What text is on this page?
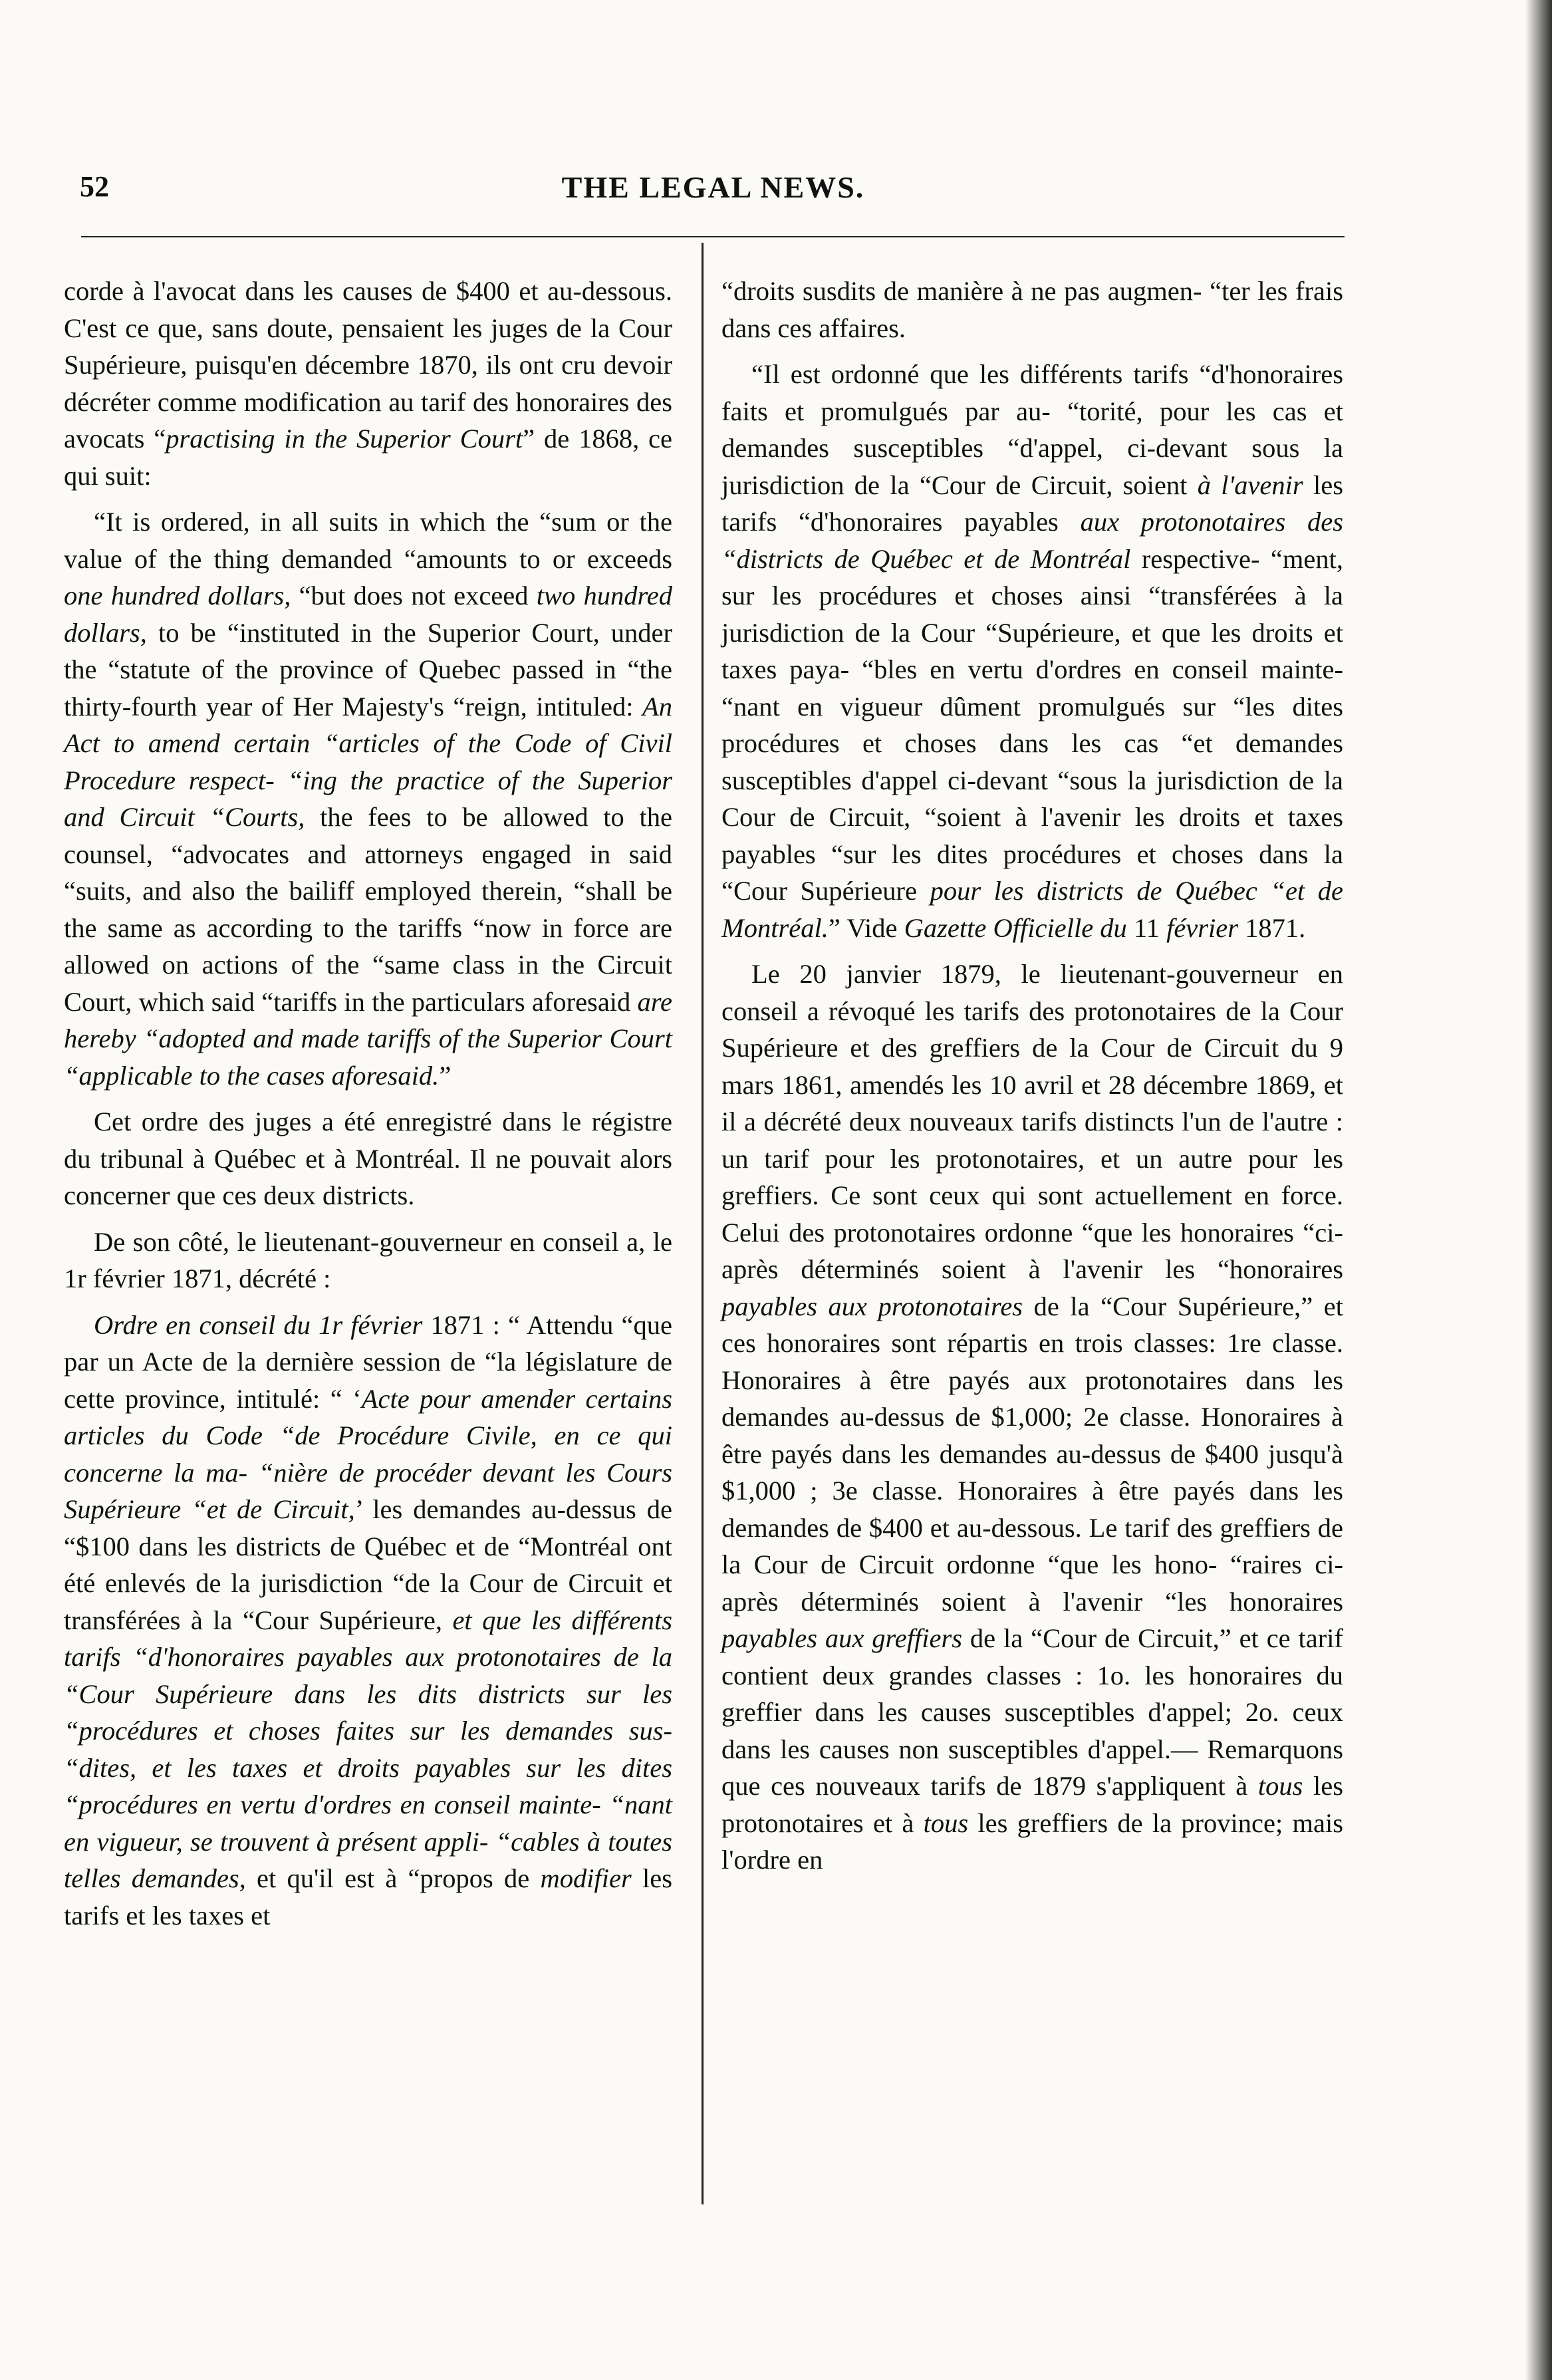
52	THE LEGAL NEWS.

corde à l'avocat dans les causes de $400 et au-dessous. C'est ce que, sans doute, pensaient les juges de la Cour Supérieure, puisqu'en décembre 1870, ils ont cru devoir décréter comme modification au tarif des honoraires des avocats “practising in the Superior Court” de 1868, ce qui suit:

“It is ordered, in all suits in which the “sum or the value of the thing demanded “amounts to or exceeds one hundred dollars, “but does not exceed two hundred dollars, to be “instituted in the Superior Court, under the “statute of the province of Quebec passed in “the thirty-fourth year of Her Majesty's “reign, intituled: An Act to amend certain “articles of the Code of Civil Procedure respect- “ing the practice of the Superior and Circuit “Courts, the fees to be allowed to the counsel, “advocates and attorneys engaged in said “suits, and also the bailiff employed therein, “shall be the same as according to the tariffs “now in force are allowed on actions of the “same class in the Circuit Court, which said “tariffs in the particulars aforesaid are hereby “adopted and made tariffs of the Superior Court “applicable to the cases aforesaid.”

Cet ordre des juges a été enregistré dans le régistre du tribunal à Québec et à Montréal. Il ne pouvait alors concerner que ces deux districts.

De son côté, le lieutenant-gouverneur en conseil a, le 1r février 1871, décrété :

Ordre en conseil du 1r février 1871 : “ Attendu “que par un Acte de la dernière session de “la législature de cette province, intitulé: “ ‘Acte pour amender certains articles du Code “de Procédure Civile, en ce qui concerne la ma- “nière de procéder devant les Cours Supérieure “et de Circuit,’ les demandes au-dessus de “$100 dans les districts de Québec et de “Montréal ont été enlevés de la jurisdiction “de la Cour de Circuit et transférées à la “Cour Supérieure, et que les différents tarifs “d'honoraires payables aux protonotaires de la “Cour Supérieure dans les dits districts sur les “procédures et choses faites sur les demandes sus- “dites, et les taxes et droits payables sur les dites “procédures en vertu d'ordres en conseil mainte- “nant en vigueur, se trouvent à présent appli- “cables à toutes telles demandes, et qu'il est à “propos de modifier les tarifs et les taxes et

“droits susdits de manière à ne pas augmen- “ter les frais dans ces affaires.

“Il est ordonné que les différents tarifs “d'honoraires faits et promulgués par au- “torité, pour les cas et demandes susceptibles “d'appel, ci-devant sous la jurisdiction de la “Cour de Circuit, soient à l'avenir les tarifs “d'honoraires payables aux protonotaires des “districts de Québec et de Montréal respective- “ment, sur les procédures et choses ainsi “transférées à la jurisdiction de la Cour “Supérieure, et que les droits et taxes paya- “bles en vertu d'ordres en conseil mainte- “nant en vigueur dûment promulgués sur “les dites procédures et choses dans les cas “et demandes susceptibles d'appel ci-devant “sous la jurisdiction de la Cour de Circuit, “soient à l'avenir les droits et taxes payables “sur les dites procédures et choses dans la “Cour Supérieure pour les districts de Québec “et de Montréal.” Vide Gazette Officielle du 11 février 1871.

Le 20 janvier 1879, le lieutenant-gouverneur en conseil a révoqué les tarifs des protonotaires de la Cour Supérieure et des greffiers de la Cour de Circuit du 9 mars 1861, amendés les 10 avril et 28 décembre 1869, et il a décrété deux nouveaux tarifs distincts l'un de l'autre : un tarif pour les protonotaires, et un autre pour les greffiers. Ce sont ceux qui sont actuellement en force. Celui des protonotaires ordonne “que les honoraires “ci-après déterminés soient à l'avenir les “honoraires payables aux protonotaires de la “Cour Supérieure,” et ces honoraires sont répartis en trois classes: 1re classe. Honoraires à être payés aux protonotaires dans les demandes au-dessus de $1,000; 2e classe. Honoraires à être payés dans les demandes au-dessus de $400 jusqu'à $1,000 ; 3e classe. Honoraires à être payés dans les demandes de $400 et au-dessous. Le tarif des greffiers de la Cour de Circuit ordonne “que les hono- “raires ci-après déterminés soient à l'avenir “les honoraires payables aux greffiers de la “Cour de Circuit,” et ce tarif contient deux grandes classes : 1o. les honoraires du greffier dans les causes susceptibles d'appel; 2o. ceux dans les causes non susceptibles d'appel.— Remarquons que ces nouveaux tarifs de 1879 s'appliquent à tous les protonotaires et à tous les greffiers de la province; mais l'ordre en
